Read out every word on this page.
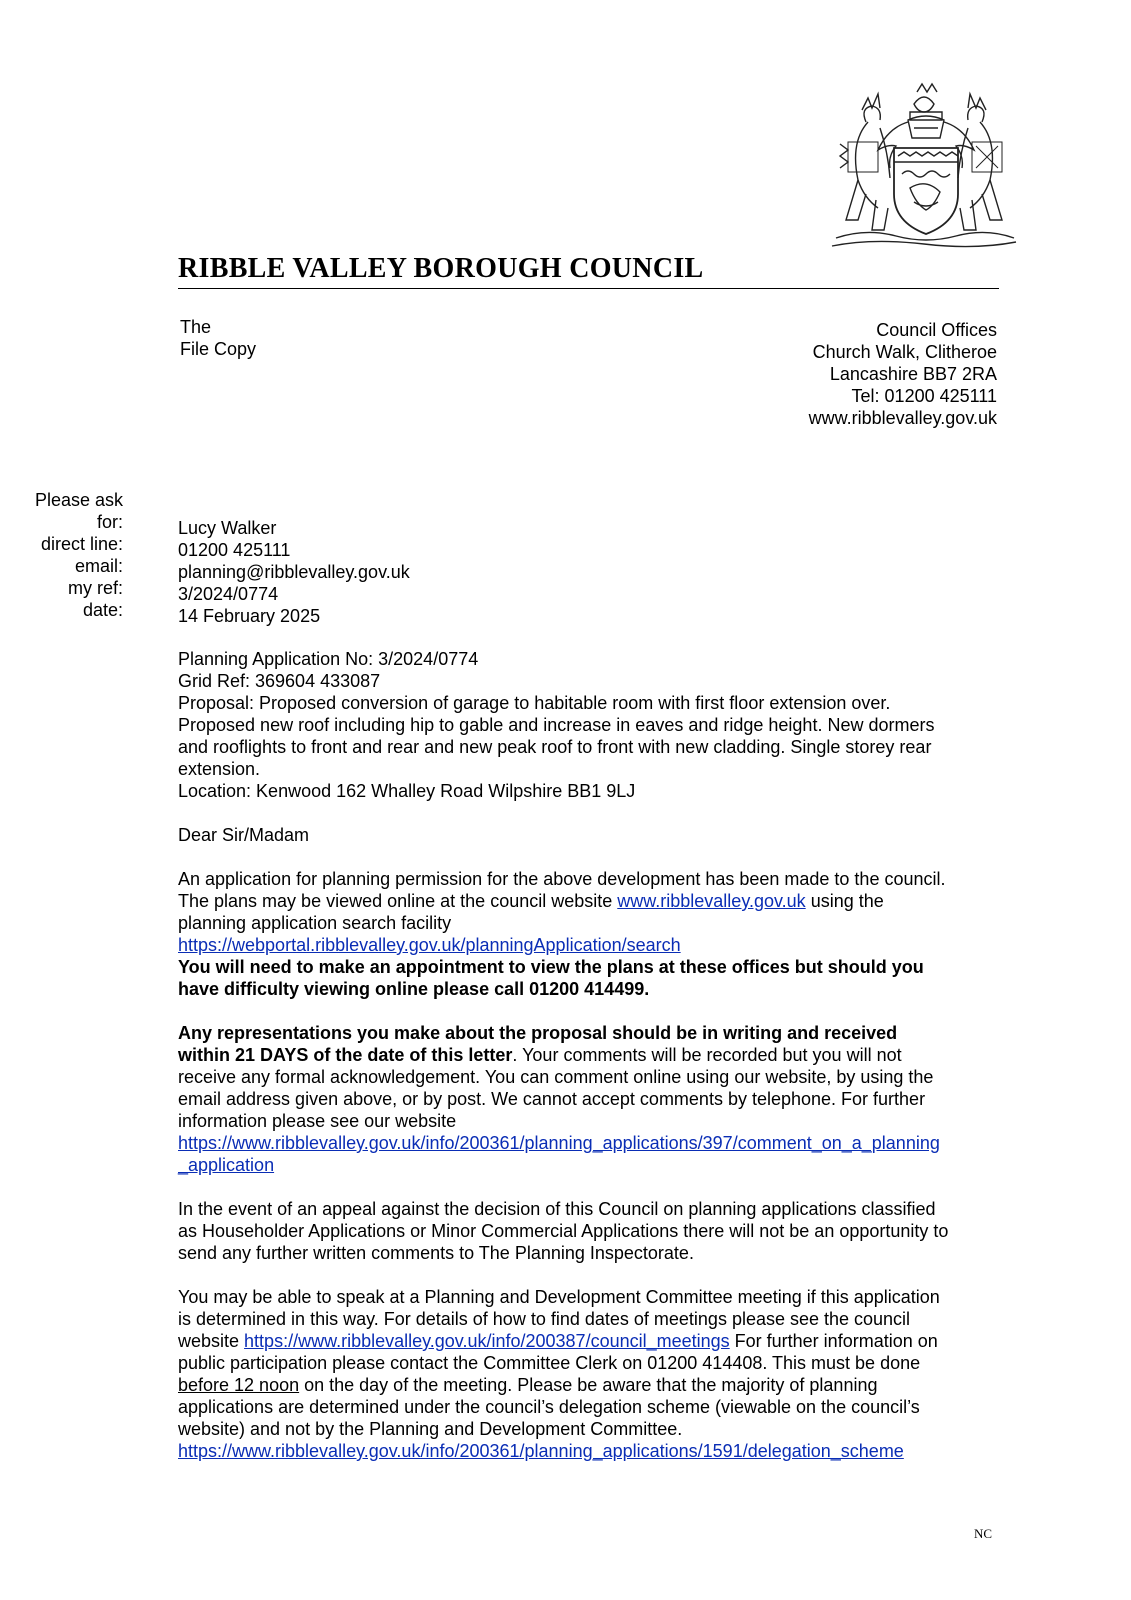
RIBBLE VALLEY BOROUGH COUNCIL
The
File Copy
Council Offices
Church Walk, Clitheroe
Lancashire BB7 2RA
Tel: 01200 425111
www.ribblevalley.gov.uk
Please ask
for:
direct line:
email:
my ref:
date:
Lucy Walker
01200 425111
planning@ribblevalley.gov.uk
3/2024/0774
14 February 2025
Planning Application No: 3/2024/0774
Grid Ref: 369604 433087
Proposal: Proposed conversion of garage to habitable room with first floor extension over.
Proposed new roof including hip to gable and increase in eaves and ridge height. New dormers
and rooflights to front and rear and new peak roof to front with new cladding. Single storey rear
extension.
Location: Kenwood 162 Whalley Road Wilpshire BB1 9LJ
Dear Sir/Madam
An application for planning permission for the above development has been made to the council.
The plans may be viewed online at the council website www.ribblevalley.gov.uk using the
planning application search facility
https://webportal.ribblevalley.gov.uk/planningApplication/search
You will need to make an appointment to view the plans at these offices but should you
have difficulty viewing online please call 01200 414499.
Any representations you make about the proposal should be in writing and received
within 21 DAYS of the date of this letter. Your comments will be recorded but you will not
receive any formal acknowledgement. You can comment online using our website, by using the
email address given above, or by post. We cannot accept comments by telephone. For further
information please see our website
https://www.ribblevalley.gov.uk/info/200361/planning_applications/397/comment_on_a_planning
_application
In the event of an appeal against the decision of this Council on planning applications classified
as Householder Applications or Minor Commercial Applications there will not be an opportunity to
send any further written comments to The Planning Inspectorate.
You may be able to speak at a Planning and Development Committee meeting if this application
is determined in this way. For details of how to find dates of meetings please see the council
website https://www.ribblevalley.gov.uk/info/200387/council_meetings For further information on
public participation please contact the Committee Clerk on 01200 414408. This must be done
before 12 noon on the day of the meeting. Please be aware that the majority of planning
applications are determined under the council’s delegation scheme (viewable on the council’s
website) and not by the Planning and Development Committee.
https://www.ribblevalley.gov.uk/info/200361/planning_applications/1591/delegation_scheme
NC
